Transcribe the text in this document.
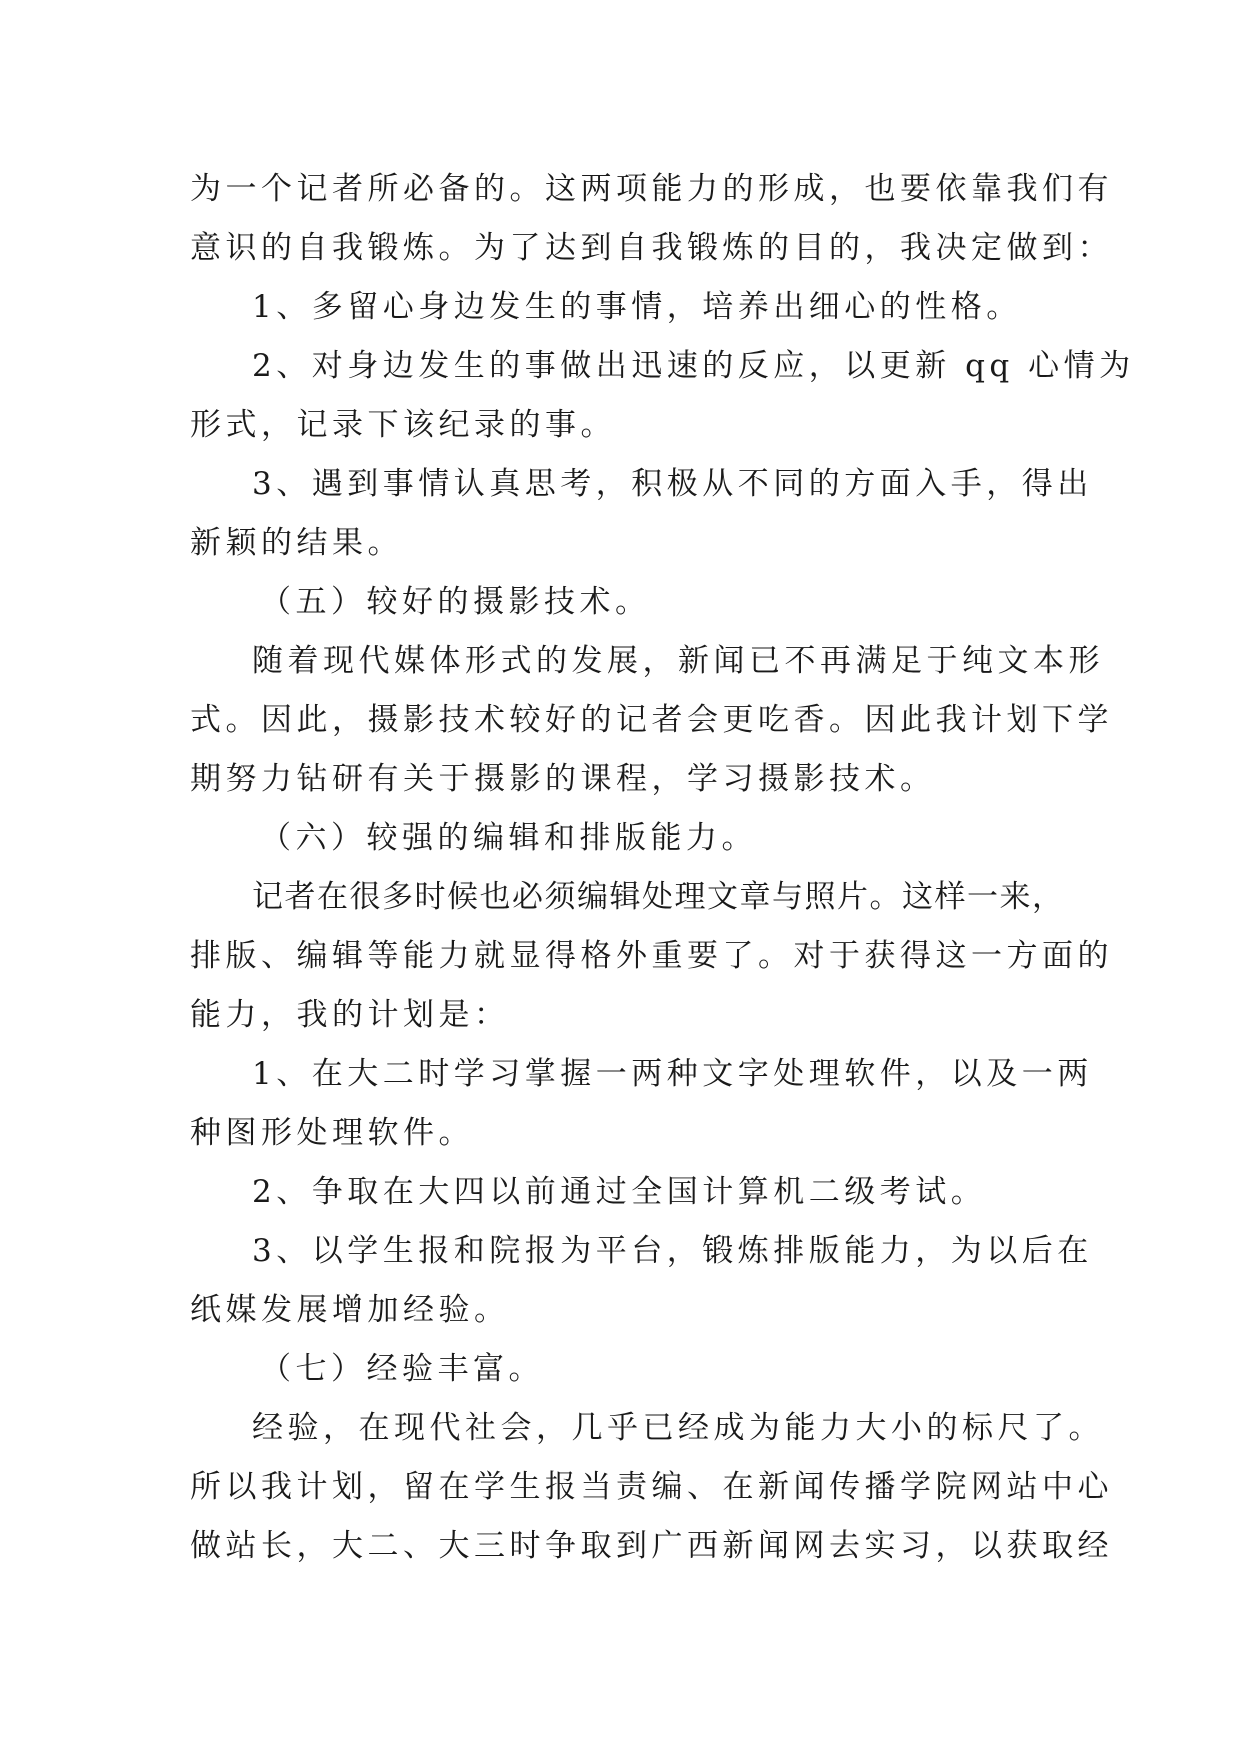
为一个记者所必备的。这两项能力的形成，也要依靠我们有
意识的自我锻炼。为了达到自我锻炼的目的，我决定做到：
1、多留心身边发生的事情，培养出细心的性格。
2、对身边发生的事做出迅速的反应，以更新 qq 心情为
形式，记录下该纪录的事。
3、遇到事情认真思考，积极从不同的方面入手，得出
新颖的结果。
（五）较好的摄影技术。
随着现代媒体形式的发展，新闻已不再满足于纯文本形
式。因此，摄影技术较好的记者会更吃香。因此我计划下学
期努力钻研有关于摄影的课程，学习摄影技术。
（六）较强的编辑和排版能力。
记者在很多时候也必须编辑处理文章与照片。这样一来，
排版、编辑等能力就显得格外重要了。对于获得这一方面的
能力，我的计划是：
1、在大二时学习掌握一两种文字处理软件，以及一两
种图形处理软件。
2、争取在大四以前通过全国计算机二级考试。
3、以学生报和院报为平台，锻炼排版能力，为以后在
纸媒发展增加经验。
（七）经验丰富。
经验，在现代社会，几乎已经成为能力大小的标尺了。
所以我计划，留在学生报当责编、在新闻传播学院网站中心
做站长，大二、大三时争取到广西新闻网去实习，以获取经
